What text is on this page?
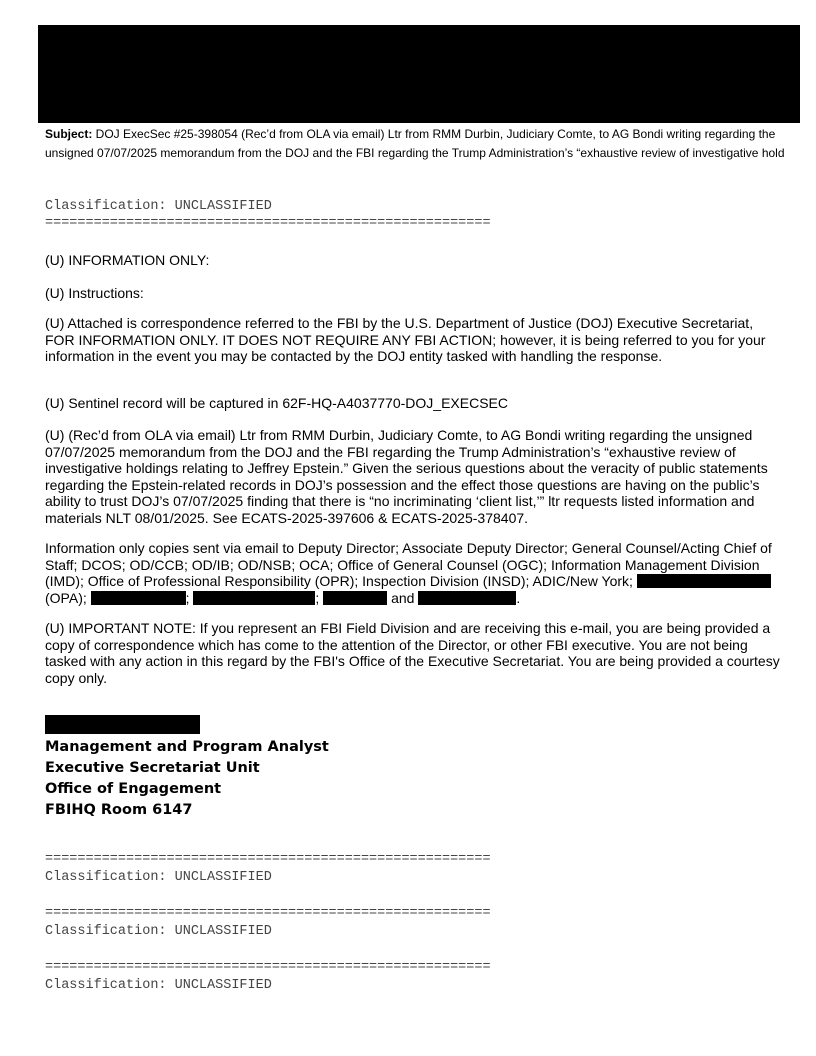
Subject: DOJ ExecSec #25-398054 (Rec’d from OLA via email) Ltr from RMM Durbin, Judiciary Comte, to AG Bondi writing regarding the unsigned 07/07/2025 memorandum from the DOJ and the FBI regarding the Trump Administration’s “exhaustive review of investigative hold
Classification: UNCLASSIFIED
=======================================================
(U) INFORMATION ONLY:
(U) Instructions:
(U) Attached is correspondence referred to the FBI by the U.S. Department of Justice (DOJ) Executive Secretariat, FOR INFORMATION ONLY. IT DOES NOT REQUIRE ANY FBI ACTION; however, it is being referred to you for your information in the event you may be contacted by the DOJ entity tasked with handling the response.
(U) Sentinel record will be captured in 62F-HQ-A4037770-DOJ_EXECSEC
(U) (Rec’d from OLA via email) Ltr from RMM Durbin, Judiciary Comte, to AG Bondi writing regarding the unsigned 07/07/2025 memorandum from the DOJ and the FBI regarding the Trump Administration’s “exhaustive review of investigative holdings relating to Jeffrey Epstein.” Given the serious questions about the veracity of public statements regarding the Epstein-related records in DOJ’s possession and the effect those questions are having on the public’s ability to trust DOJ’s 07/07/2025 finding that there is “no incriminating ‘client list,’” ltr requests listed information and materials NLT 08/01/2025. See ECATS-2025-397606 & ECATS-2025-378407.
Information only copies sent via email to Deputy Director; Associate Deputy Director; General Counsel/Acting Chief of Staff; DCOS; OD/CCB; OD/IB; OD/NSB; OCA; Office of General Counsel (OGC); Information Management Division (IMD); Office of Professional Responsibility (OPR); Inspection Division (INSD); ADIC/New York;  (OPA);	;	;	and	.
(U) IMPORTANT NOTE: If you represent an FBI Field Division and are receiving this e-mail, you are being provided a copy of correspondence which has come to the attention of the Director, or other FBI executive. You are not being tasked with any action in this regard by the FBI's Office of the Executive Secretariat. You are being provided a courtesy copy only.
Management and Program Analyst
Executive Secretariat Unit
Office of Engagement
FBIHQ Room 6147
=======================================================
Classification: UNCLASSIFIED
=======================================================
Classification: UNCLASSIFIED
=======================================================
Classification: UNCLASSIFIED
